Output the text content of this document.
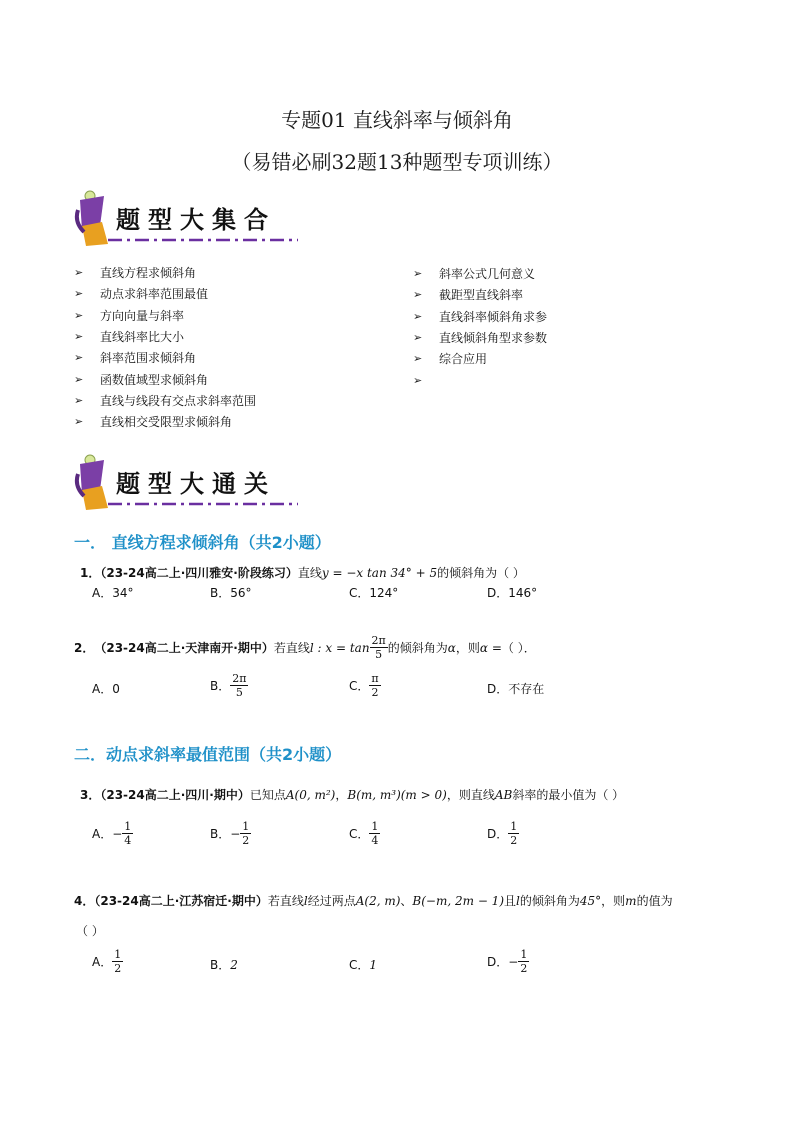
专题01 直线斜率与倾斜角
（易错必刷32题13种题型专项训练）
题型大集合
➢	直线方程求倾斜角
➢	动点求斜率范围最值
➢	方向向量与斜率
➢	直线斜率比大小
➢	斜率范围求倾斜角
➢	函数值域型求倾斜角
➢	直线与线段有交点求斜率范围
➢	直线相交受限型求倾斜角
➢	斜率公式几何意义
➢	截距型直线斜率
➢	直线斜率倾斜角求参
➢	直线倾斜角型求参数
➢	综合应用
➢
题型大通关
一． 直线方程求倾斜角（共2小题）
1．（23-24高二上·四川雅安·阶段练习）直线y = −x tan 34° + 5的倾斜角为（ ）
A． 34°	B． 56°	C． 124°	D． 146°
2． （23-24高二上·天津南开·期中） 若直线 l : $x = \tan \frac{2\pi}{5}$ 的倾斜角为 α ，则 α = （ ）．
A． 0	B． $\frac{2\pi}{5}$	C． $\frac{\pi}{2}$	D． 不存在
二．动点求斜率最值范围（共2小题）
3．（23-24高二上·四川·期中）已知点A(0, m²)，B(m, m³)(m > 0)，则直线AB斜率的最小值为（ ）
A． − $\frac{1}{4}$	B． − $\frac{1}{2}$	C． $\frac{1}{4}$	D． $\frac{1}{2}$
4．（23-24高二上·江苏宿迁·期中）若直线l经过两点A(2, m)、B(−m, 2m − 1)且l的倾斜角为45°，则m的值为
（ ）
A． $\frac{1}{2}$	B． 2	C． 1	D． − $\frac{1}{2}$
